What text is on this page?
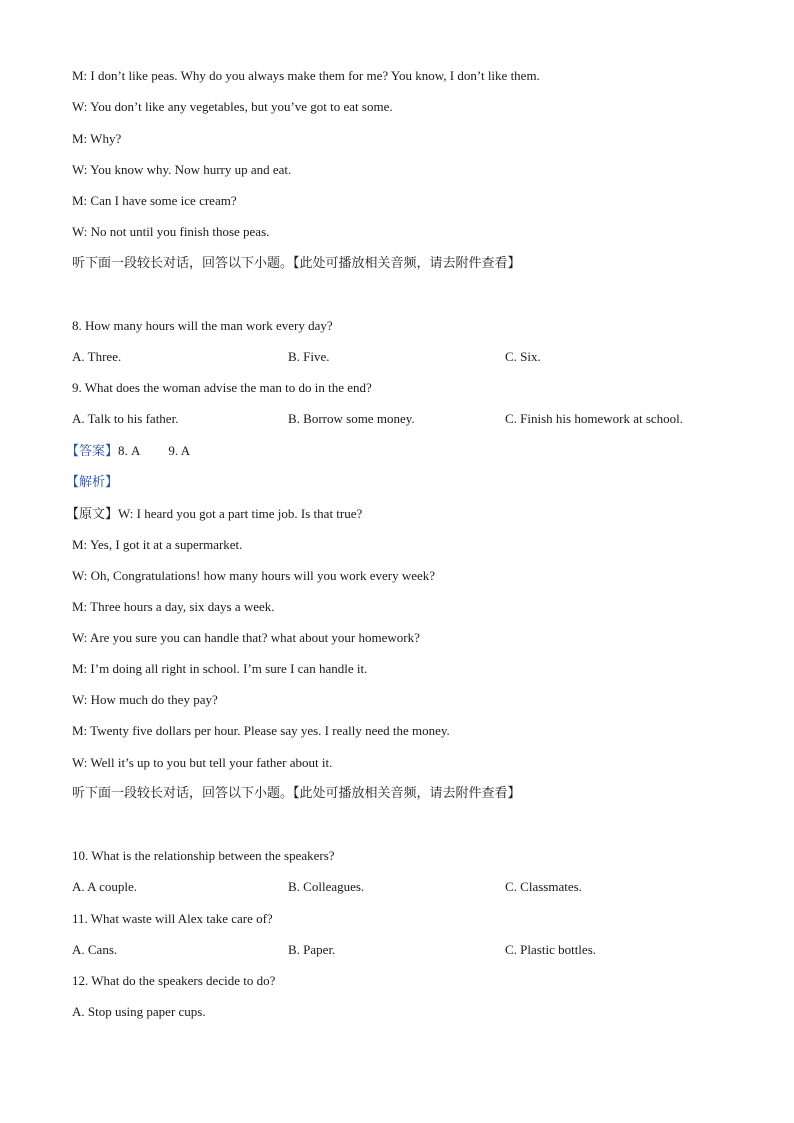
M: I don’t like peas. Why do you always make them for me? You know, I don’t like them.
W: You don’t like any vegetables, but you’ve got to eat some.
M: Why?
W: You know why. Now hurry up and eat.
M: Can I have some ice cream?
W: No not until you finish those peas.
听下面一段较长对话，回答以下小题。【此处可播放相关音频，请去附件查看】
8. How many hours will the man work every day?
A. Three.	B. Five.	C. Six.
9. What does the woman advise the man to do in the end?
A. Talk to his father.	B. Borrow some money.	C. Finish his homework at school.
【答案】8. A 9. A
【解析】
【原文】W: I heard you got a part time job. Is that true?
M: Yes, I got it at a supermarket.
W: Oh, Congratulations! how many hours will you work every week?
M: Three hours a day, six days a week.
W: Are you sure you can handle that? what about your homework?
M: I’m doing all right in school. I’m sure I can handle it.
W: How much do they pay?
M: Twenty five dollars per hour. Please say yes. I really need the money.
W: Well it’s up to you but tell your father about it.
听下面一段较长对话，回答以下小题。【此处可播放相关音频，请去附件查看】
10. What is the relationship between the speakers?
A. A couple.	B. Colleagues.	C. Classmates.
11. What waste will Alex take care of?
A. Cans.	B. Paper.	C. Plastic bottles.
12. What do the speakers decide to do?
A. Stop using paper cups.
